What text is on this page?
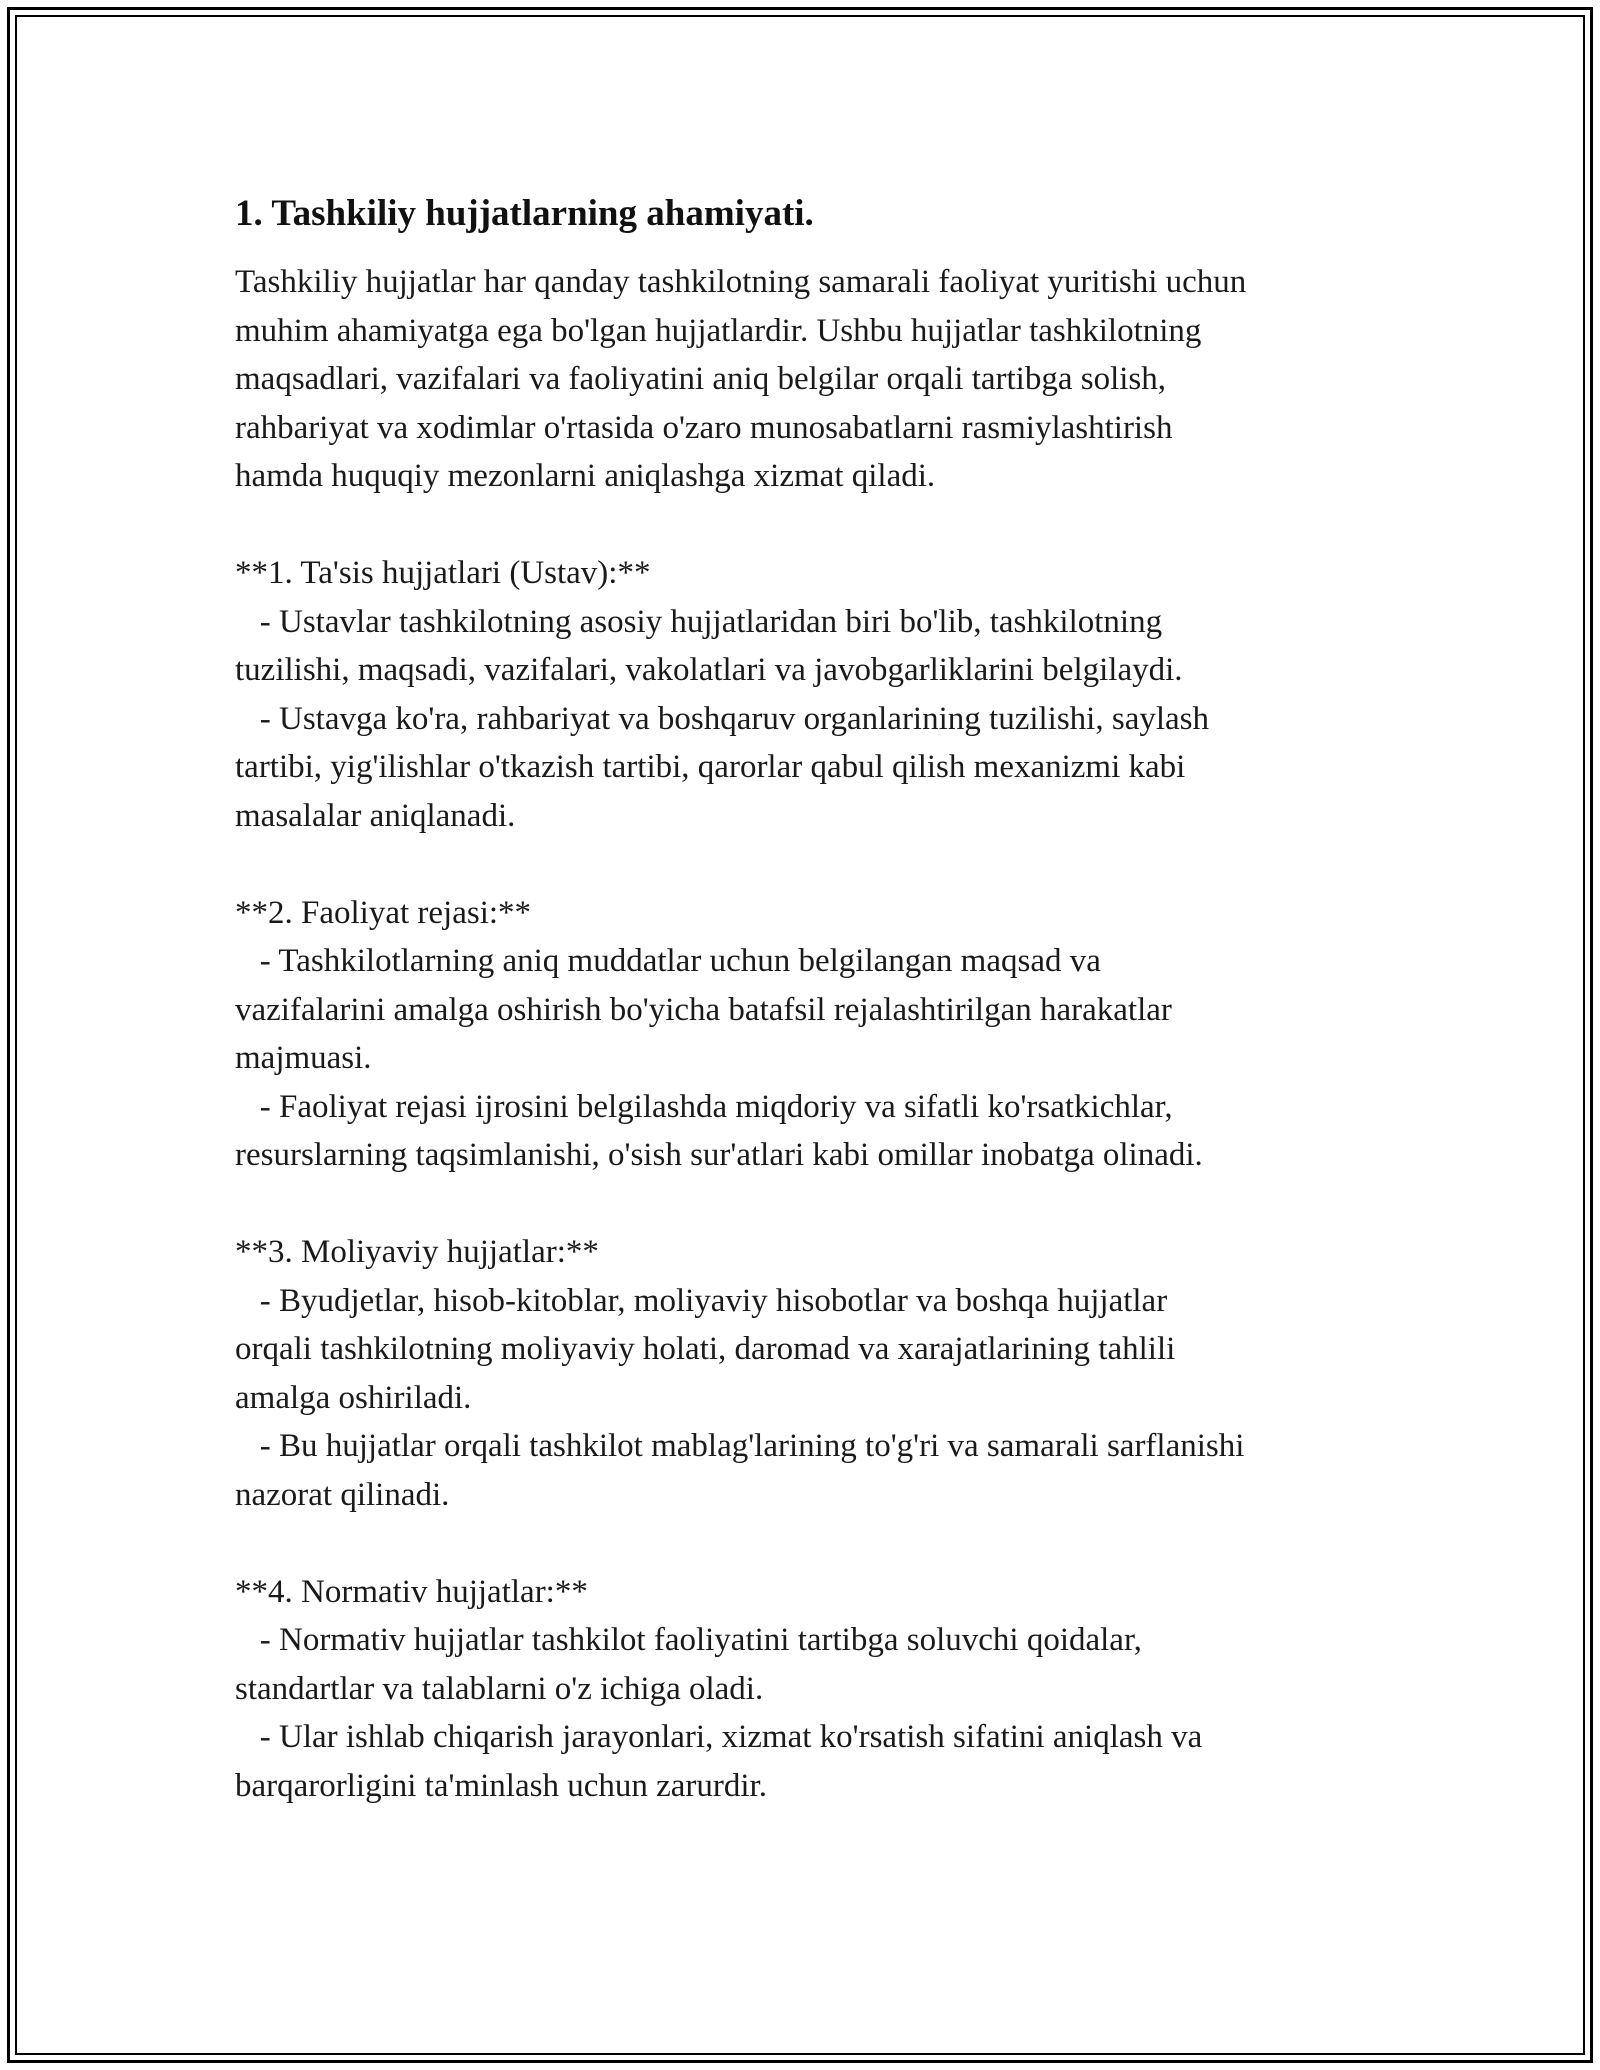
1. Tashkiliy hujjatlarning ahamiyati.

Tashkiliy hujjatlar har qanday tashkilotning samarali faoliyat yuritishi uchun
muhim ahamiyatga ega bo'lgan hujjatlardir. Ushbu hujjatlar tashkilotning
maqsadlari, vazifalari va faoliyatini aniq belgilar orqali tartibga solish,
rahbariyat va xodimlar o'rtasida o'zaro munosabatlarni rasmiylashtirish
hamda huquqiy mezonlarni aniqlashga xizmat qiladi.

**1. Ta'sis hujjatlari (Ustav):**

- Ustavlar tashkilotning asosiy hujjatlaridan biri bo'lib, tashkilotning
tuzilishi, maqsadi, vazifalari, vakolatlari va javobgarliklarini belgilaydi.

- Ustavga ko'ra, rahbariyat va boshqaruv organlarining tuzilishi, saylash
tartibi, yig'ilishlar o'tkazish tartibi, qarorlar qabul qilish mexanizmi kabi
masalalar aniqlanadi.

**2. Faoliyat rejasi:**

- Tashkilotlarning aniq muddatlar uchun belgilangan maqsad va
vazifalarini amalga oshirish bo'yicha batafsil rejalashtirilgan harakatlar
majmuasi.

- Faoliyat rejasi ijrosini belgilashda miqdoriy va sifatli ko'rsatkichlar,
resurslarning taqsimlanishi, o'sish sur'atlari kabi omillar inobatga olinadi.

**3. Moliyaviy hujjatlar:**

- Byudjetlar, hisob-kitoblar, moliyaviy hisobotlar va boshqa hujjatlar
orqali tashkilotning moliyaviy holati, daromad va xarajatlarining tahlili
amalga oshiriladi.

- Bu hujjatlar orqali tashkilot mablag'larining to'g'ri va samarali sarflanishi
nazorat qilinadi.

**4. Normativ hujjatlar:**

- Normativ hujjatlar tashkilot faoliyatini tartibga soluvchi qoidalar,
standartlar va talablarni o'z ichiga oladi.

- Ular ishlab chiqarish jarayonlari, xizmat ko'rsatish sifatini aniqlash va
barqarorligini ta'minlash uchun zarurdir.
